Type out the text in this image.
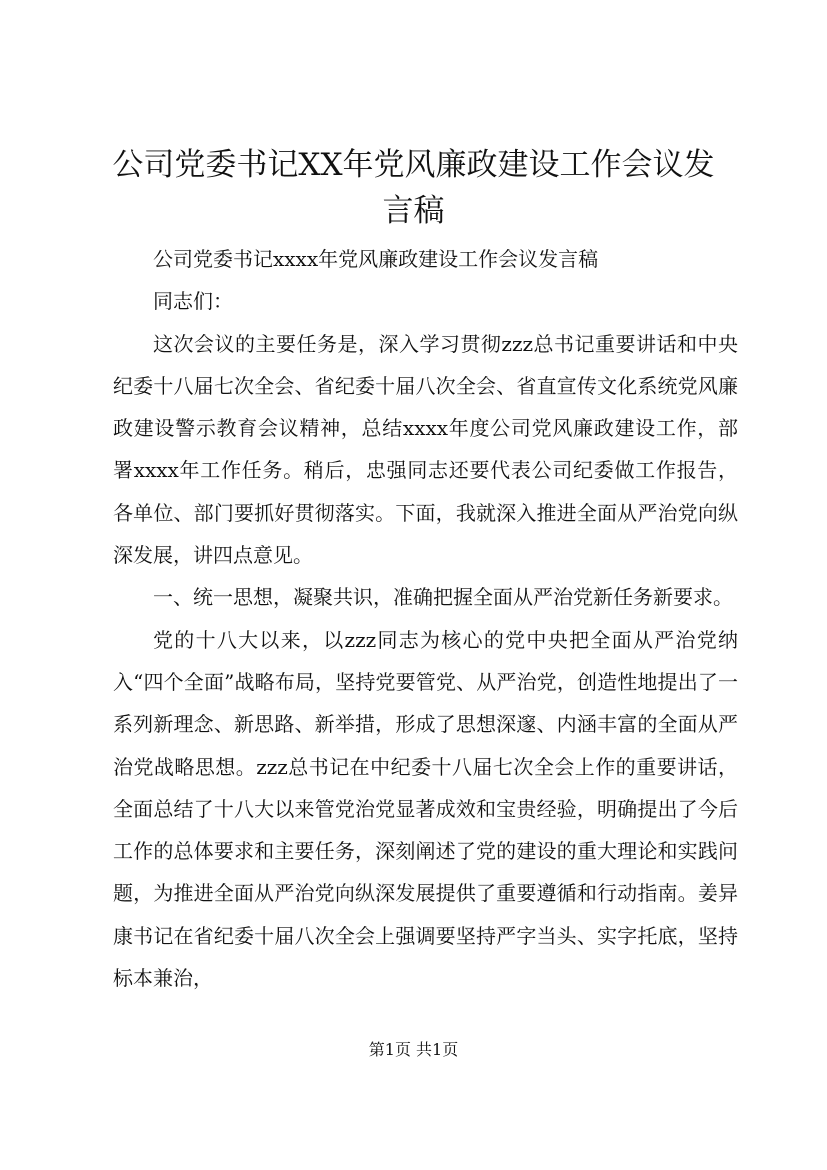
公司党委书记XX年党风廉政建设工作会议发言稿

公司党委书记xxxx年党风廉政建设工作会议发言稿

同志们：

这次会议的主要任务是，深入学习贯彻zzz总书记重要讲话和中央纪委十八届七次全会、省纪委十届八次全会、省直宣传文化系统党风廉政建设警示教育会议精神，总结xxxx年度公司党风廉政建设工作，部署xxxx年工作任务。稍后，忠强同志还要代表公司纪委做工作报告，各单位、部门要抓好贯彻落实。下面，我就深入推进全面从严治党向纵深发展，讲四点意见。

一、统一思想，凝聚共识，准确把握全面从严治党新任务新要求。

党的十八大以来，以zzz同志为核心的党中央把全面从严治党纳入“四个全面”战略布局，坚持党要管党、从严治党，创造性地提出了一系列新理念、新思路、新举措，形成了思想深邃、内涵丰富的全面从严治党战略思想。zzz总书记在中纪委十八届七次全会上作的重要讲话，全面总结了十八大以来管党治党显著成效和宝贵经验，明确提出了今后工作的总体要求和主要任务，深刻阐述了党的建设的重大理论和实践问题，为推进全面从严治党向纵深发展提供了重要遵循和行动指南。姜异康书记在省纪委十届八次全会上强调要坚持严字当头、实字托底，坚持标本兼治，

第1页 共1页
